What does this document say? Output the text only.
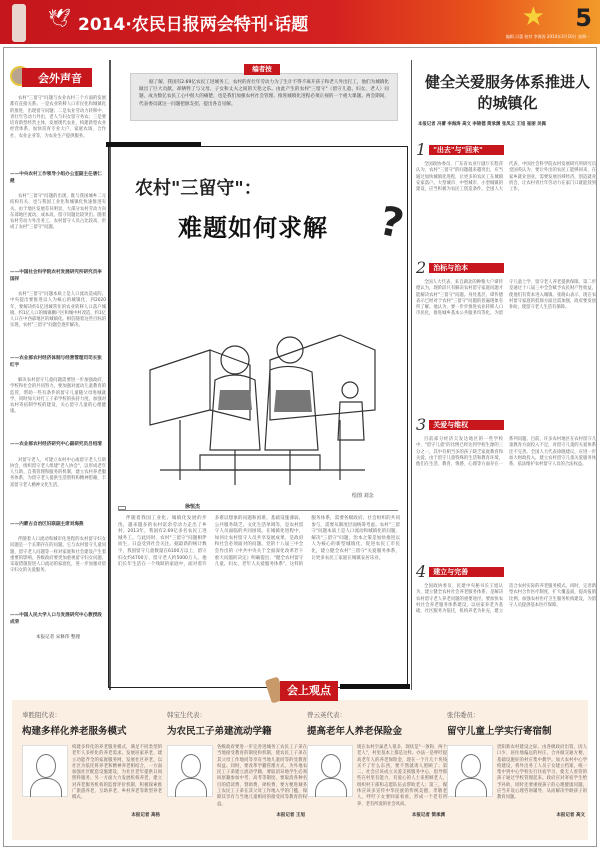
🕊 2014·农民日报两会特刊·话题	★ 5
编辑 冯蕾 校对 李海涛 2014年3月10日 星期一
会外声音
农村"三留守"问题与农业农村三个方面的发展都有直接关系。一是农业转移人口市民化和城镇化的推进，出现留守问题；二是农业劳动力转移中，青壮年劳动力外出，老人与妇女留守务农；三是要培育新型经营主体，发展现代农业，构建新型农业经营体系，加快培育专业大户、家庭农场、合作社、农业企业等，为农业生产提供服务。
——中央农村工作领导小组办公室副主任唐仁健
农村"三留守"问题的出现，既与我国城乡二元结构有关，也与我国工业化和城镇化快速推进有关。由于地区发展差异明显，大部分农村劳动力向东部地区流动，成本高，留守问题比较突出。随着农村劳动力外出务工，农村留守人员占比较高，形成了农村"三留守"问题。
——中国社会科学院农村发展研究所研究员李国祥
农村"三留守"问题本质上是人口流动造成的。中央提出要推进以人为核心的城镇化，到2020年，要解决约1亿进城常住的农业转移人口落户城镇，约1亿人口的城镇棚户区和城中村改造，约1亿人口在中西部地区的城镇化。相信随着这些目标的实现，农村"三留守"问题会逐步解决。
——农业部农村经济体制与经营管理司司长张红宇
解决农村留守儿童问题需要进一步加强政府、学校和社会的共同努力。要加强对流动儿童教育的监管，帮助一些有条件的留守儿童随父母进城就学，同时加大对打工子弟学校的扶持力度，加强对农村寄宿制学校的建设，关心留守儿童的心理健康。
——农业部农村经济研究中心副研究员吕绍清
对留守老人，可建立农村中心或留守老人互助协会，组织留守老人组建"老人协会"，以形成老年人互助、自我管理和服务的机制，建立农村养老服务体系，为留守老人提供生活照料和精神慰藉，丰富留守老人精神文化生活。
——内蒙古自治区妇联副主席刘海燕
伴随着人口流动和城市化进程的农村留守妇女问题是一个长期存在的问题。它与农村留守儿童问题、留守老人问题等一样对家庭和社会建设产生着重要的影响。各级政府要更加重视留守妇女问题，采取措施促进人口流动的家庭化，进一步加强对留守妇女的关爱服务。
——中国人民大学人口与发展研究中心教授段成荣
本报记者 宋修伟 整理
据了解，我国有2.69亿农民工进城务工，农村的青壮年劳动力为了生计不得不离开孩子和老人外出打工，他们为城镇化做出了巨大贡献，却牺牲了与父母、子女和丈夫之间的天伦之乐。由此产生的农村"三留守"（留守儿童、妇女、老人）问题，成为数亿农民工心中很大的痛楚，也是我们加强农村社会管理、推进城镇化进程必须正视的一个重大课题。两会期间，代表委员就这一问题把脉支招，提出各自见解。
编者按
农村"三留守"：
难题如何求解 ?
绘图 刘念
徐恒杰
伴随着我国工业化、城镇化发展的步伐，越来越多的农村富余劳动力走出了乡村。2013年，我国有2.69亿多名农民工进城务工。与此同时，农村"三留守"问题相伴而生，日益受到社会关注。据最新的统计数字，我国留守儿童数量在6100万以上，留守妇女约4700万，留守老人约5000万人。他们长年生活在一个残缺的家庭中，面对着许多难以想象的问题和困难。基础设施薄弱、公共服务缺乏、文化生活单调等，是农村留守人员面临的共同困境。在城镇化进程中，如何让农村留守人员共享发展成果，是政府和社会必须面对的问题。党的十八届三中全会作出的《中共中央关于全面深化改革若干重大问题的决定》明确提出，"健全农村留守儿童、妇女、老年人关爱服务体系"。这样的服务体系，需要各级政府、社会组织的共同参与，需要从制度层面统筹考虑。农村"三留守"问题本质上是人口流动和城镇化的问题，解决"三留守"问题，治本之策是加快推进以人为核心的新型城镇化，促进农民工市民化，建立健全农村"三留守"关爱服务体系，让更多农民工家庭在城镇安居乐业。
健全关爱服务体系推进人的城镇化
本报记者 冯蕾 李海涛 高文 李锦德 简承渊 张凤云 王旭 崔丽 吴佩
1	"出去"与"回来"
全国政协委员、广东省农业厅副厅长程萍认为，农村"三留守"的问题越来越突出，应当通过加快城镇化进程，让更多的农民工在城镇安家落户。大型城市、中型城市、小型城镇的建设，应当积极为农民工创造条件。全国人大代表、中国社会科学院农村发展研究所研究员党国英认为，要让外出的农民工能够回来，在家乡就业创业，需要发展县域经济，创造就业机会，让农村青壮年劳动力在家门口就能找到工作。
2	治标与治本
全国人大代表、来自湖北的种粮大户谭传德认为，现阶段只有解决农村留守家庭问题才能解决农村"三留守"问题。身处基层，谭传德表示已经对于农村"三留守"问题的普遍现象有所了解。他认为，要一步步推进农业转移人口市民化，推进城乡基本公共服务均等化，为留守儿童上学、留守老人养老提供保障。第二步是通过十八届三中全会赋予农民财产性收益，使他们有资本进入城镇。张晓山表示，现在农村留守家庭的低保方面还需加强，政府要发放补助，使留守老人生活有保障。
3	关爱与维权
目前部分经济欠发达地区的一些学校中，"留守儿童"的比例已经达到学校生源的三分之一，其中有相当多的孩子缺乏家庭教育和关爱。由于留守儿童特殊的生活和教育环境，他们在生活、教育、情感、心理等方面存在一系列问题。目前，许多农村地区在农村留守儿童教育方面投入不足，对留守儿童的关爱体系还不完善。全国人大代表徐晓建议，应进一步加大财政投入，建立农村留守儿童关爱服务体系，依法维护农村留守人员的合法权益。
4	建立与完善
全国政协委员、民建中央秘书长王旭认为，建立健全农村社会养老服务体系，是解决农村留守老人养老问题的重要途径。要加快农村社会养老服务体系建设，以居家养老为基础，社区服务为依托，机构养老为补充，建立适合农村实际的养老服务模式。同时，完善新型农村合作医疗制度，扩大覆盖面，提高报销比例，加强农村医疗卫生服务机构建设，为留守人员提供基本医疗保障。
辜胜阻代表：
构建多样化养老服务模式
构建多样化的养老服务模式，满足不同类型的老年人多样化的养老需求。发展居家养老，建立功能齐全的家庭服务网，发展社区养老，以社区为依托将养老和精神养老相结合，一方面加强社区配套设施建设，为社区老年提供日间照料服务。另一方面大力发展机构养老，建立对养老服务机构的监督评价机制，积极探索推广旅游养老、互助养老、乡村养老等新型养老模式。
本报记者 高杨
韩宝生代表：
为农民工子弟建流动学籍
各级政府要进一步完善进城务工农民工子弟在当地接受教育的制度和机制，使农民工子弟在其父母工作地同等享有当地儿童同等的受教育权益。同时，要改革学籍管理方式，为外地农民工子弟建立流动学籍，要取消异地学生必须回原籍参加中考、高考等制度，要取消各种名目的借读费、赞助费、择校费，要方便进城务工农民工子弟在其父母工作地入学的门槛，保障其享有与当地儿童相同的接受同等教育的权益。
本报记者 王旭
曾云英代表：
提高老年人养老保险金
现在农村空巢老人很多，现状是"一条狗、两个老人"，村里基本上都是这样。办法一是呼吁提高老年人的养老保险金，现在一个月几十块钱买不了什么东西，要不然就请人照顾了；第二，社会应该成立关爱支援服务中心，倡导那些在村里有能力、有爱心的人士来照顾老人，组织村干部和志愿队伍去帮助老人；第三，媒体应该多宣传中华民族的传统美德，孝敬老人，呼吁子女要回家看看，形成一个老有所养、老有所爱的社会风尚。
本报记者 简承渊
张伟委员：
留守儿童上学实行寄宿制
贵阳新农村建设之际，由各级政府出资，因人口少、居住地偏远的村庄，合并做交通方便、基础设施好的村庄集中教学。加大农村中心学校建设，将外出务工人员子女建立档案，统一集中到中心学校实行住宿学习，使无人看管的孩子通过学校管理起来。政府应对寄宿学生给予补助，同时还要重视孩子的心理健康问题，应当开设心理咨询辅导，从而解决学龄孩子的教育问题。
本报记者 高文
会上观点
